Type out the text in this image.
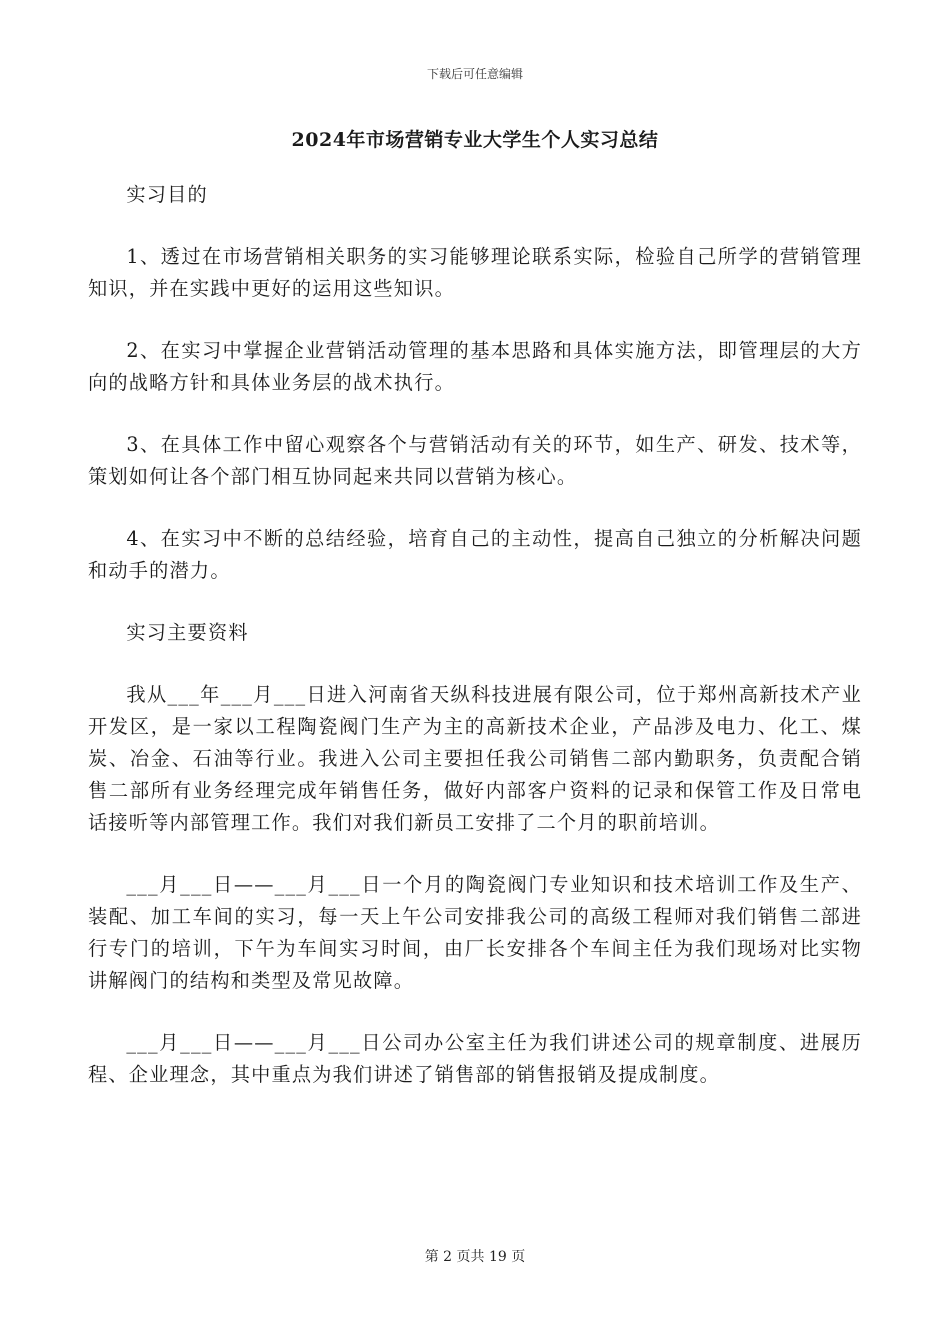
下载后可任意编辑
2024年市场营销专业大学生个人实习总结

实习目的

1、透过在市场营销相关职务的实习能够理论联系实际，检验自己所学的营销管理知识，并在实践中更好的运用这些知识。

2、在实习中掌握企业营销活动管理的基本思路和具体实施方法，即管理层的大方向的战略方针和具体业务层的战术执行。

3、在具体工作中留心观察各个与营销活动有关的环节，如生产、研发、技术等，策划如何让各个部门相互协同起来共同以营销为核心。

4、在实习中不断的总结经验，培育自己的主动性，提高自己独立的分析解决问题和动手的潜力。

实习主要资料

我从___年___月___日进入河南省天纵科技进展有限公司，位于郑州高新技术产业开发区，是一家以工程陶瓷阀门生产为主的高新技术企业，产品涉及电力、化工、煤炭、冶金、石油等行业。我进入公司主要担任我公司销售二部内勤职务，负责配合销售二部所有业务经理完成年销售任务，做好内部客户资料的记录和保管工作及日常电话接听等内部管理工作。我们对我们新员工安排了二个月的职前培训。

___月___日——___月___日一个月的陶瓷阀门专业知识和技术培训工作及生产、装配、加工车间的实习，每一天上午公司安排我公司的高级工程师对我们销售二部进行专门的培训，下午为车间实习时间，由厂长安排各个车间主任为我们现场对比实物讲解阀门的结构和类型及常见故障。

___月___日——___月___日公司办公室主任为我们讲述公司的规章制度、进展历程、企业理念，其中重点为我们讲述了销售部的销售报销及提成制度。

第 2 页共 19 页
